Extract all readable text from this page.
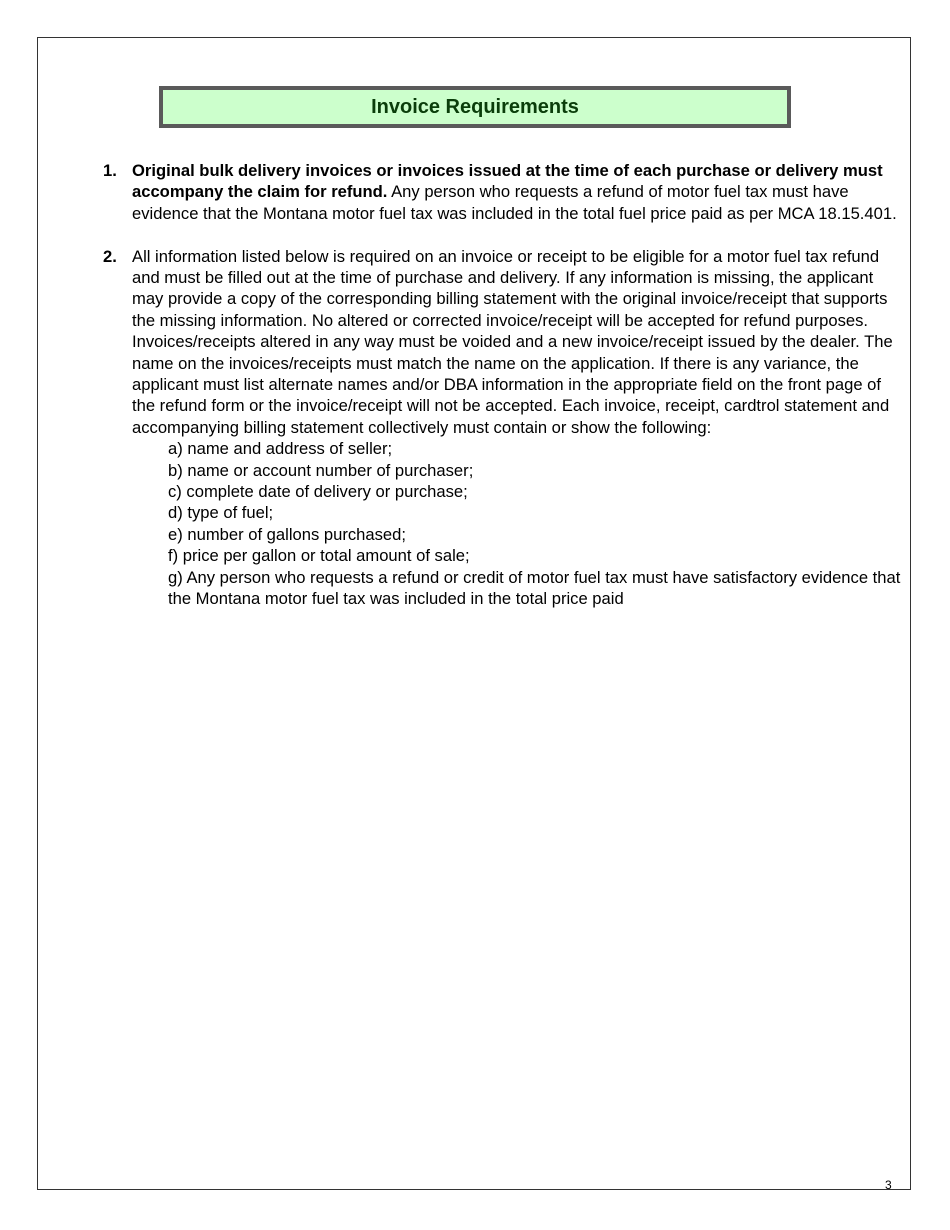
Invoice Requirements
1. Original bulk delivery invoices or invoices issued at the time of each purchase or delivery must accompany the claim for refund. Any person who requests a refund of motor fuel tax must have evidence that the Montana motor fuel tax was included in the total fuel price paid as per MCA 18.15.401.
2. All information listed below is required on an invoice or receipt to be eligible for a motor fuel tax refund and must be filled out at the time of purchase and delivery. If any information is missing, the applicant may provide a copy of the corresponding billing statement with the original invoice/receipt that supports the missing information. No altered or corrected invoice/receipt will be accepted for refund purposes. Invoices/receipts altered in any way must be voided and a new invoice/receipt issued by the dealer. The name on the invoices/receipts must match the name on the application. If there is any variance, the applicant must list alternate names and/or DBA information in the appropriate field on the front page of the refund form or the invoice/receipt will not be accepted. Each invoice, receipt, cardtrol statement and accompanying billing statement collectively must contain or show the following:
a) name and address of seller;
b) name or account number of purchaser;
c) complete date of delivery or purchase;
d) type of fuel;
e) number of gallons purchased;
f) price per gallon or total amount of sale;
g) Any person who requests a refund or credit of motor fuel tax must have satisfactory evidence that the Montana motor fuel tax was included in the total price paid
3
